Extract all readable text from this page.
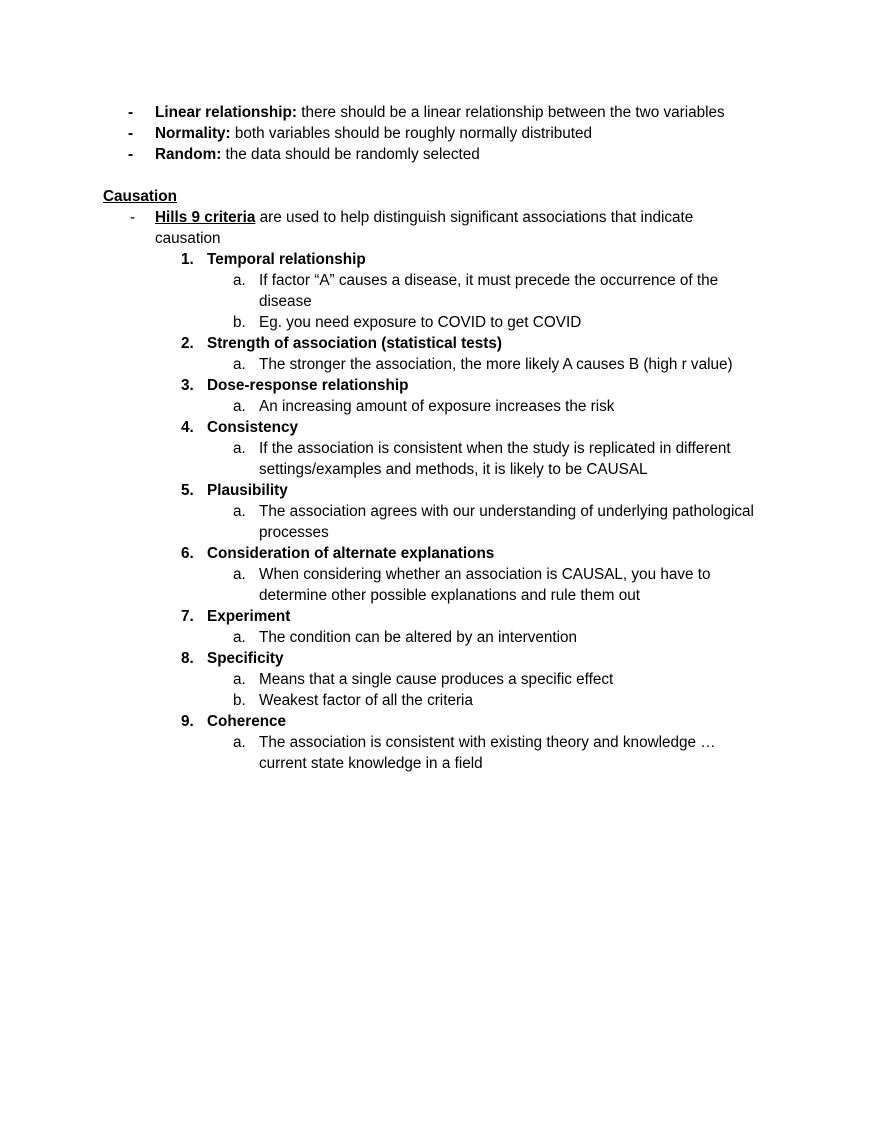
- Linear relationship: there should be a linear relationship between the two variables
- Normality: both variables should be roughly normally distributed
- Random: the data should be randomly selected
Causation
- Hills 9 criteria are used to help distinguish significant associations that indicate
causation
1. Temporal relationship
a. If factor “A” causes a disease, it must precede the occurrence of the
disease
b. Eg. you need exposure to COVID to get COVID
2. Strength of association (statistical tests)
a. The stronger the association, the more likely A causes B (high r value)
3. Dose-response relationship
a. An increasing amount of exposure increases the risk
4. Consistency
a. If the association is consistent when the study is replicated in different
settings/examples and methods, it is likely to be CAUSAL
5. Plausibility
a. The association agrees with our understanding of underlying pathological
processes
6. Consideration of alternate explanations
a. When considering whether an association is CAUSAL, you have to
determine other possible explanations and rule them out
7. Experiment
a. The condition can be altered by an intervention
8. Specificity
a. Means that a single cause produces a specific effect
b. Weakest factor of all the criteria
9. Coherence
a. The association is consistent with existing theory and knowledge …
current state knowledge in a field
